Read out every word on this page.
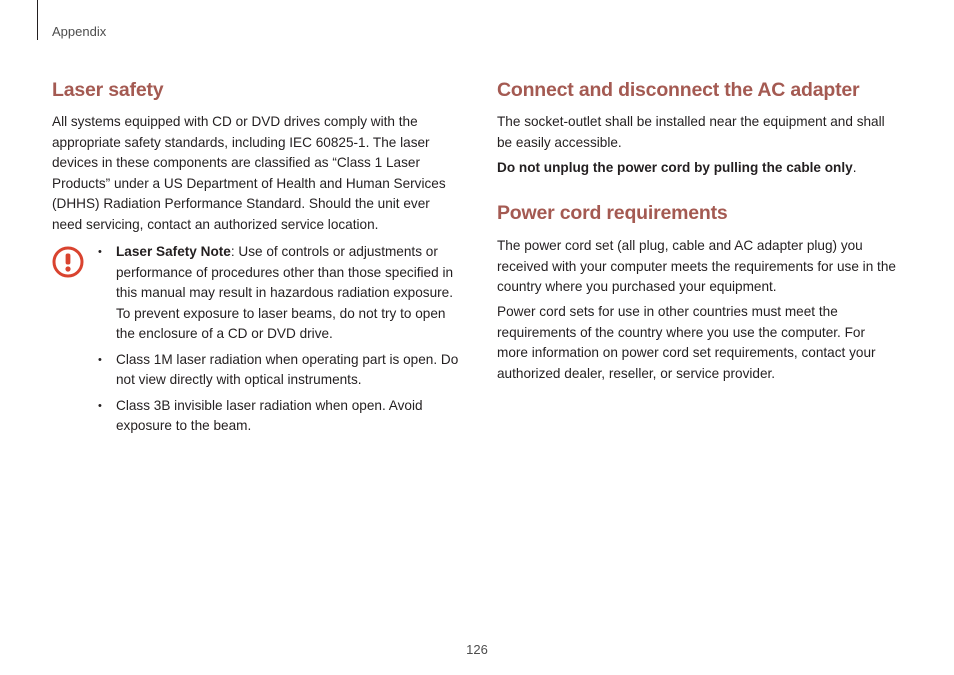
Appendix
Laser safety

All systems equipped with CD or DVD drives comply with the appropriate safety standards, including IEC 60825-1. The laser devices in these components are classified as “Class 1 Laser Products” under a US Department of Health and Human Services (DHHS) Radiation Performance Standard. Should the unit ever need servicing, contact an authorized service location.

• Laser Safety Note: Use of controls or adjustments or performance of procedures other than those specified in this manual may result in hazardous radiation exposure. To prevent exposure to laser beams, do not try to open the enclosure of a CD or DVD drive.
• Class 1M laser radiation when operating part is open. Do not view directly with optical instruments.
• Class 3B invisible laser radiation when open. Avoid exposure to the beam.
Connect and disconnect the AC adapter

The socket-outlet shall be installed near the equipment and shall be easily accessible.

Do not unplug the power cord by pulling the cable only.

Power cord requirements

The power cord set (all plug, cable and AC adapter plug) you received with your computer meets the requirements for use in the country where you purchased your equipment.

Power cord sets for use in other countries must meet the requirements of the country where you use the computer. For more information on power cord set requirements, contact your authorized dealer, reseller, or service provider.

126
